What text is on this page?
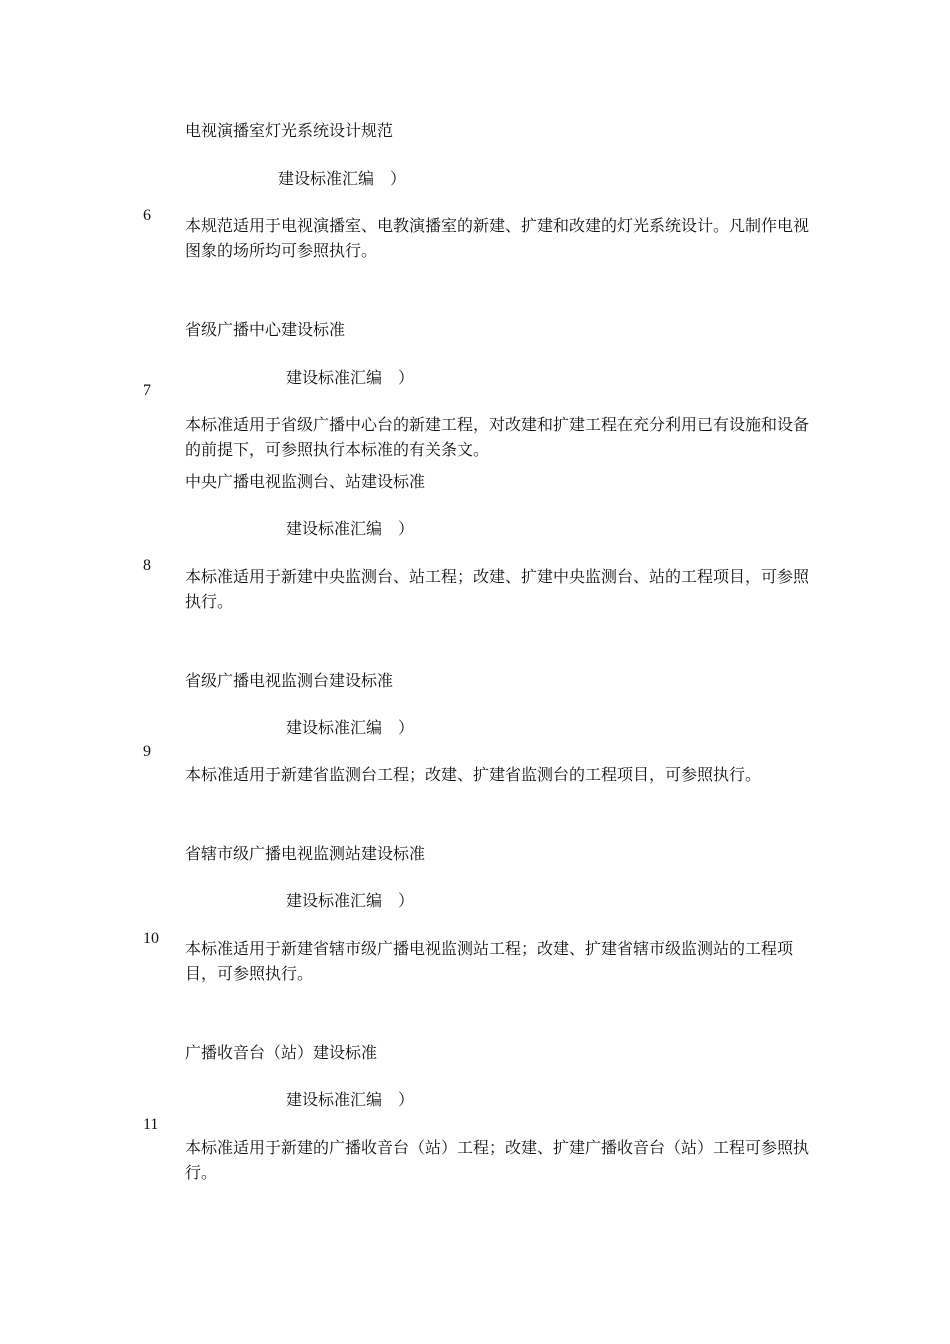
电视演播室灯光系统设计规范
建设标准汇编　）
6
本规范适用于电视演播室、电教演播室的新建、扩建和改建的灯光系统设计。凡制作电视图象的场所均可参照执行。
省级广播中心建设标准
建设标准汇编　）
7
本标准适用于省级广播中心台的新建工程，对改建和扩建工程在充分利用已有设施和设备的前提下，可参照执行本标准的有关条文。
中央广播电视监测台、站建设标准
建设标准汇编　）
8
本标准适用于新建中央监测台、站工程；改建、扩建中央监测台、站的工程项目，可参照执行。
省级广播电视监测台建设标准
建设标准汇编　）
9
本标准适用于新建省监测台工程；改建、扩建省监测台的工程项目，可参照执行。
省辖市级广播电视监测站建设标准
建设标准汇编　）
10
本标准适用于新建省辖市级广播电视监测站工程；改建、扩建省辖市级监测站的工程项目，可参照执行。
广播收音台（站）建设标准
建设标准汇编　）
11
本标准适用于新建的广播收音台（站）工程；改建、扩建广播收音台（站）工程可参照执行。
